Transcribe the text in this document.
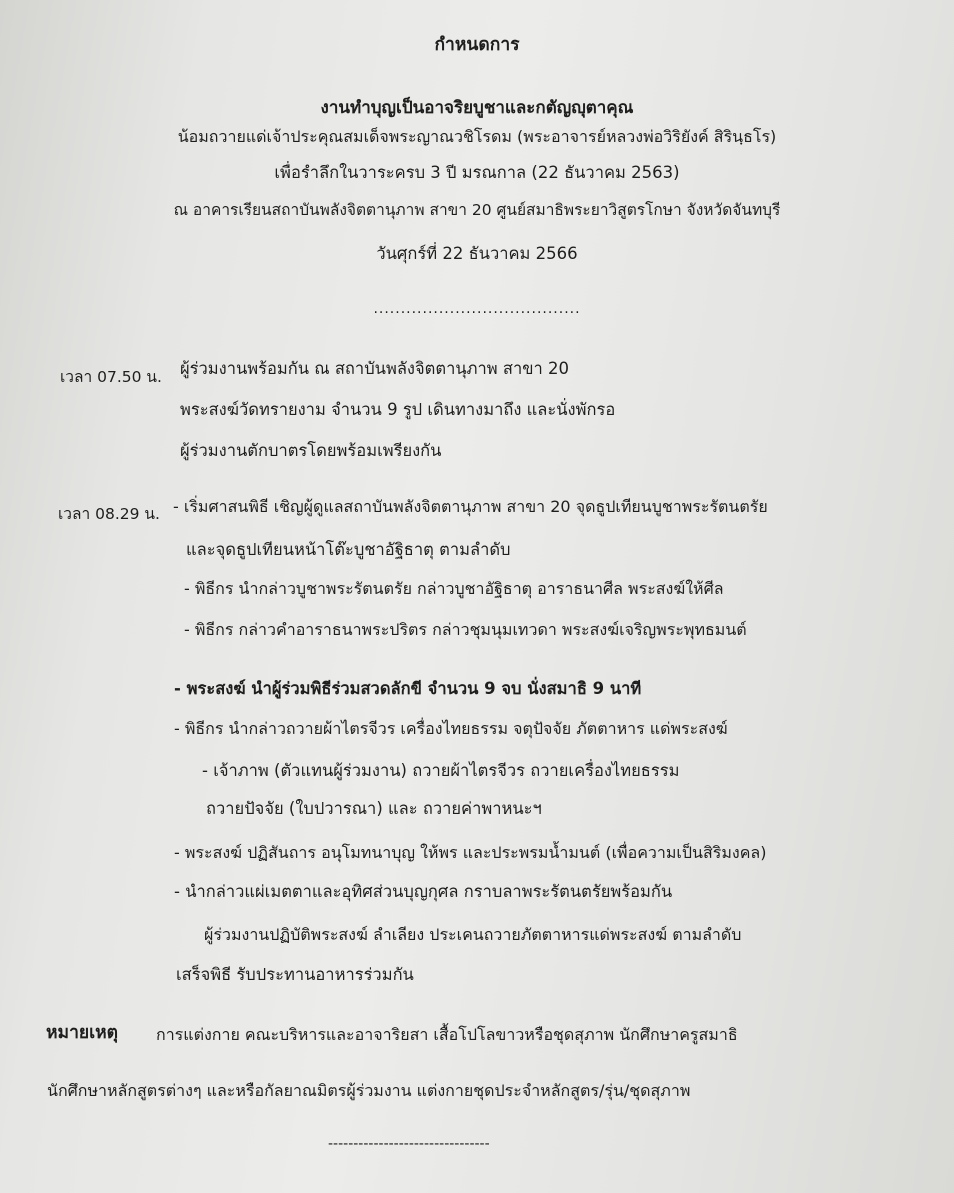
กำหนดการ
งานทำบุญเป็นอาจริยบูชาและกตัญญุตาคุณ
น้อมถวายแด่เจ้าประคุณสมเด็จพระญาณวชิโรดม (พระอาจารย์หลวงพ่อวิริยังค์ สิรินฺธโร)
เพื่อรำลึกในวาระครบ 3 ปี มรณกาล (22 ธันวาคม 2563)
ณ อาคารเรียนสถาบันพลังจิตตานุภาพ สาขา 20 ศูนย์สมาธิพระยาวิสูตรโกษา จังหวัดจันทบุรี
วันศุกร์ที่ 22 ธันวาคม 2566
......................................
เวลา 07.50 น. ผู้ร่วมงานพร้อมกัน ณ สถาบันพลังจิตตานุภาพ สาขา 20
พระสงฆ์วัดทรายงาม จำนวน 9 รูป เดินทางมาถึง และนั่งพักรอ
ผู้ร่วมงานตักบาตรโดยพร้อมเพรียงกัน
เวลา 08.29 น. - เริ่มศาสนพิธี เชิญผู้ดูแลสถาบันพลังจิตตานุภาพ สาขา 20 จุดธูปเทียนบูชาพระรัตนตรัย
และจุดธูปเทียนหน้าโต๊ะบูชาอัฐิธาตุ ตามลำดับ
- พิธีกร นำกล่าวบูชาพระรัตนตรัย กล่าวบูชาอัฐิธาตุ อาราธนาศีล พระสงฆ์ให้ศีล
- พิธีกร กล่าวคำอาราธนาพระปริตร กล่าวชุมนุมเทวดา พระสงฆ์เจริญพระพุทธมนต์
- พระสงฆ์ นำผู้ร่วมพิธีร่วมสวดลักขี จำนวน 9 จบ นั่งสมาธิ 9 นาที
- พิธีกร นำกล่าวถวายผ้าไตรจีวร เครื่องไทยธรรม จตุปัจจัย ภัตตาหาร แด่พระสงฆ์
- เจ้าภาพ (ตัวแทนผู้ร่วมงาน) ถวายผ้าไตรจีวร ถวายเครื่องไทยธรรม
ถวายปัจจัย (ใบปวารณา) และ ถวายค่าพาหนะฯ
- พระสงฆ์ ปฏิสันถาร อนุโมทนาบุญ ให้พร และประพรมน้ำมนต์ (เพื่อความเป็นสิริมงคล)
- นำกล่าวแผ่เมตตาและอุทิศส่วนบุญกุศล กราบลาพระรัตนตรัยพร้อมกัน
ผู้ร่วมงานปฏิบัติพระสงฆ์ ลำเลียง ประเคนถวายภัตตาหารแด่พระสงฆ์ ตามลำดับ
เสร็จพิธี รับประทานอาหารร่วมกัน
หมายเหตุ การแต่งกาย คณะบริหารและอาจาริยสา เสื้อโปโลขาวหรือชุดสุภาพ นักศึกษาครูสมาธิ
นักศึกษาหลักสูตรต่างๆ และหรือกัลยาณมิตรผู้ร่วมงาน แต่งกายชุดประจำหลักสูตร/รุ่น/ชุดสุภาพ
--------------------------------
